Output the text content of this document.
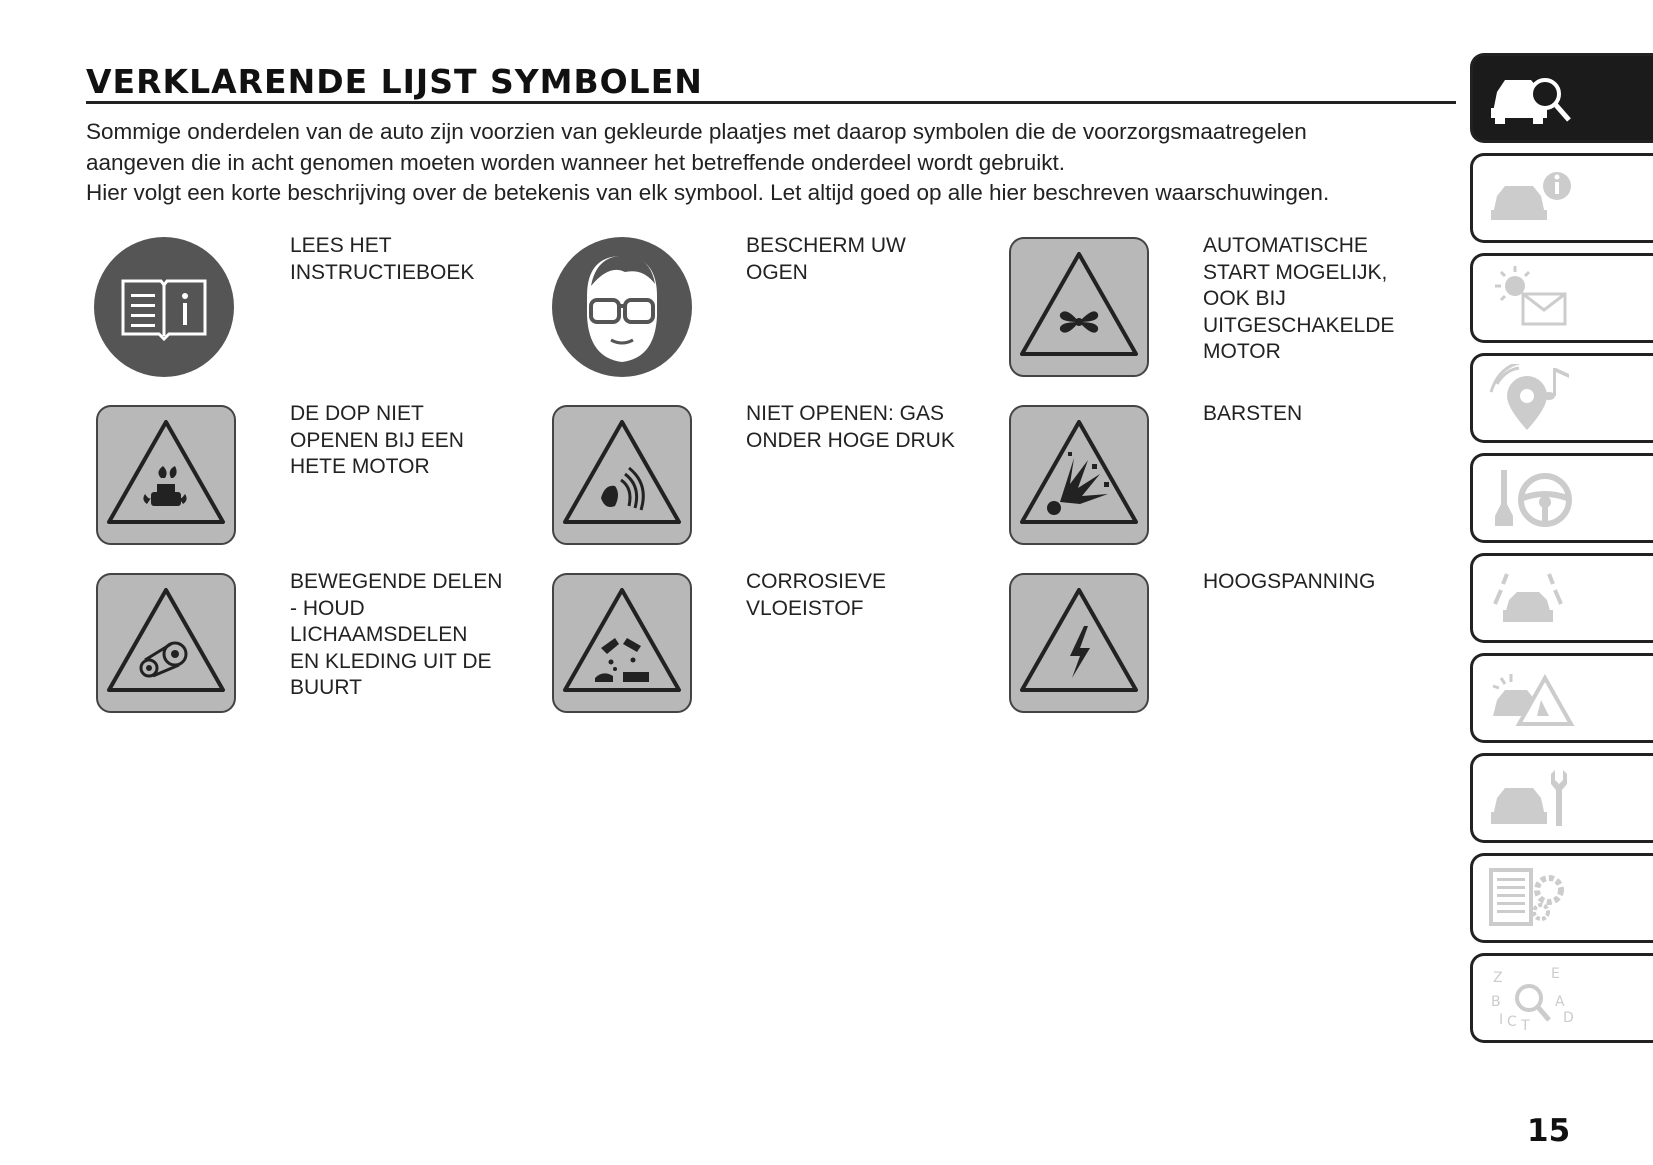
VERKLARENDE LIJST SYMBOLEN

Sommige onderdelen van de auto zijn voorzien van gekleurde plaatjes met daarop symbolen die de voorzorgsmaatregelen

aangeven die in acht genomen moeten worden wanneer het betreffende onderdeel wordt gebruikt.

Hier volgt een korte beschrijving over de betekenis van elk symbool. Let altijd goed op alle hier beschreven waarschuwingen.

LEES HET
INSTRUCTIEBOEK
BESCHERM UW
OGEN
AUTOMATISCHE
START MOGELIJK,
OOK BIJ
UITGESCHAKELDE
MOTOR
DE DOP NIET
OPENEN BIJ EEN
HETE MOTOR
NIET OPENEN: GAS
ONDER HOGE DRUK
BARSTEN
BEWEGENDE DELEN
- HOUD
LICHAAMSDELEN
EN KLEDING UIT DE
BUURT
CORROSIEVE
VLOEISTOF
HOOGSPANNING
Z	E
B	A
C	D
T
I
15
